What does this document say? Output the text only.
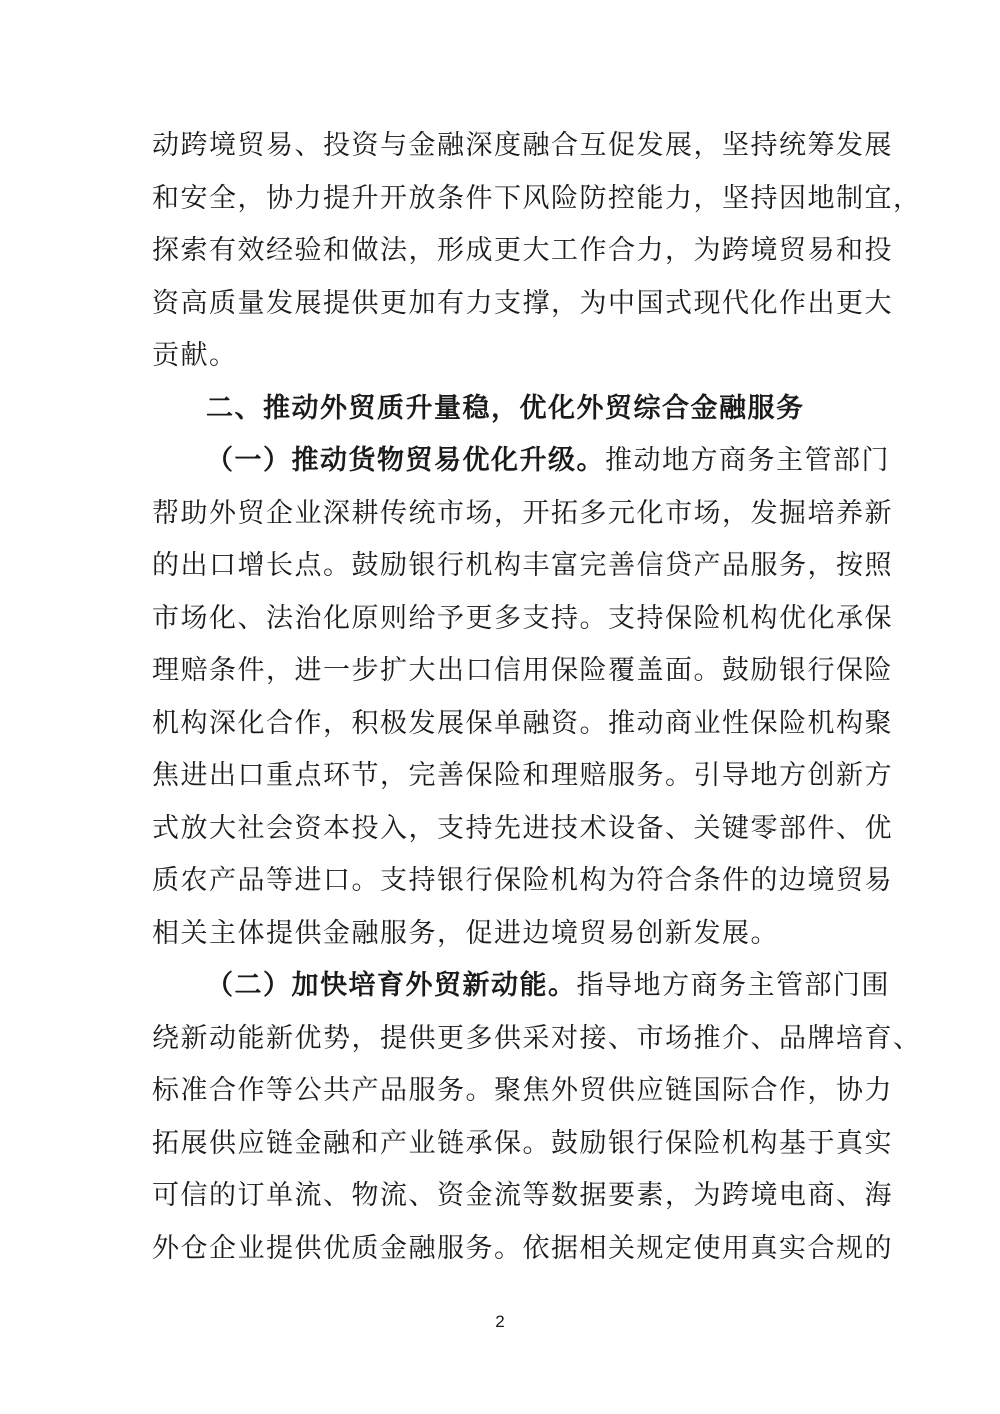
动跨境贸易、投资与金融深度融合互促发展，坚持统筹发展
和安全，协力提升开放条件下风险防控能力，坚持因地制宜，
探索有效经验和做法，形成更大工作合力，为跨境贸易和投
资高质量发展提供更加有力支撑，为中国式现代化作出更大
贡献。
二、推动外贸质升量稳，优化外贸综合金融服务
（一）推动货物贸易优化升级。推动地方商务主管部门
帮助外贸企业深耕传统市场，开拓多元化市场，发掘培养新
的出口增长点。鼓励银行机构丰富完善信贷产品服务，按照
市场化、法治化原则给予更多支持。支持保险机构优化承保
理赔条件，进一步扩大出口信用保险覆盖面。鼓励银行保险
机构深化合作，积极发展保单融资。推动商业性保险机构聚
焦进出口重点环节，完善保险和理赔服务。引导地方创新方
式放大社会资本投入，支持先进技术设备、关键零部件、优
质农产品等进口。支持银行保险机构为符合条件的边境贸易
相关主体提供金融服务，促进边境贸易创新发展。
（二）加快培育外贸新动能。指导地方商务主管部门围
绕新动能新优势，提供更多供采对接、市场推介、品牌培育、
标准合作等公共产品服务。聚焦外贸供应链国际合作，协力
拓展供应链金融和产业链承保。鼓励银行保险机构基于真实
可信的订单流、物流、资金流等数据要素，为跨境电商、海
外仓企业提供优质金融服务。依据相关规定使用真实合规的
2
